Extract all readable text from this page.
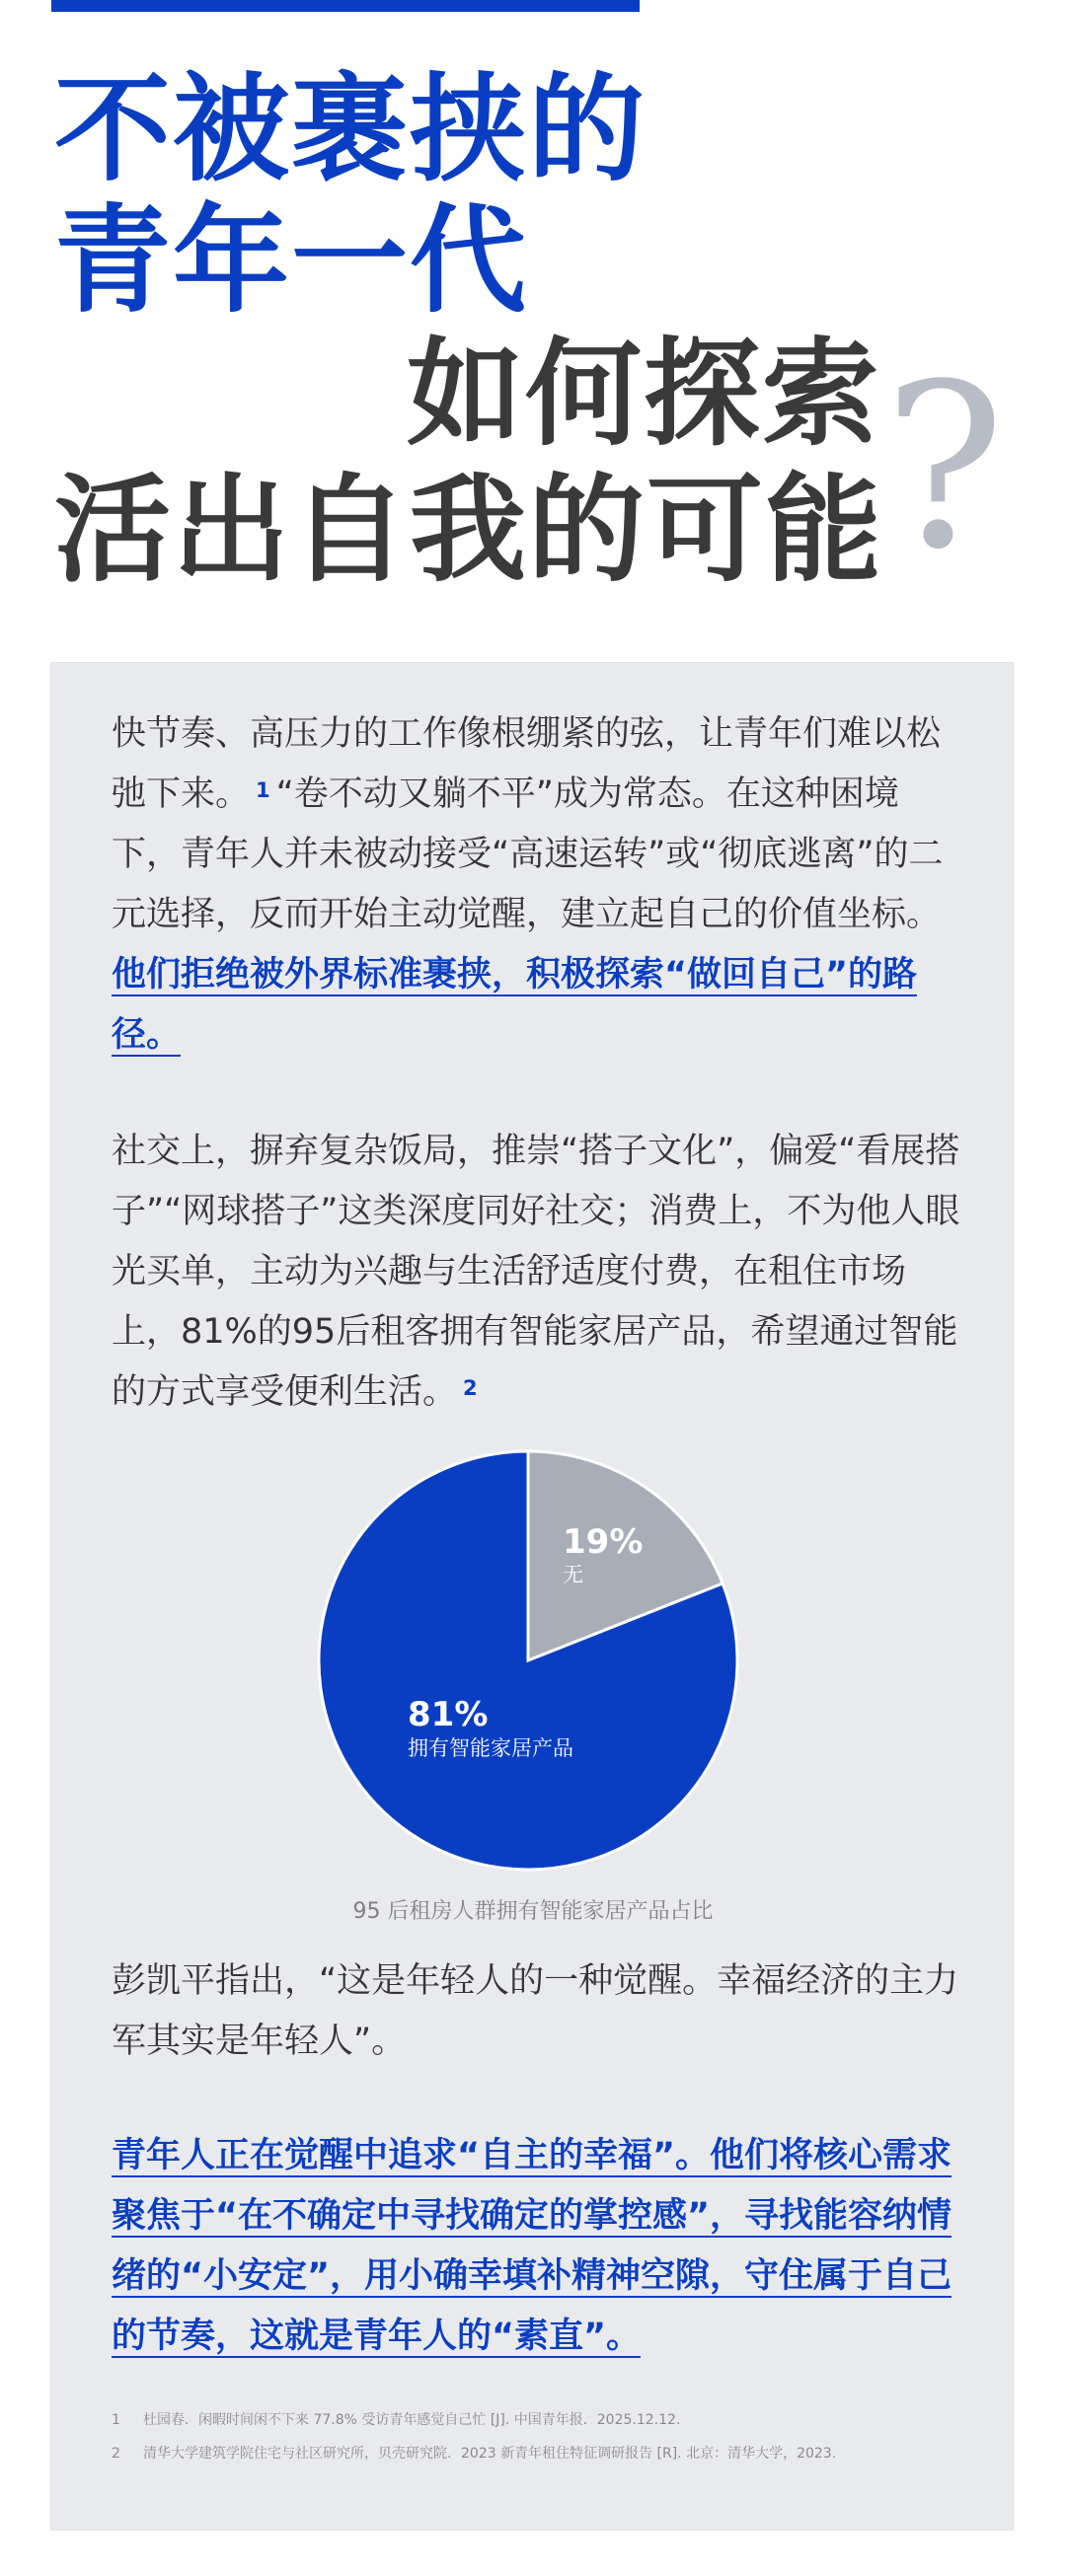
不被裹挟的
青年一代
如何探索
活出自我的可能 ?
快节奏、高压力的工作像根绷紧的弦，让青年们难以松弛下来。 $^1$ “卷不动又躺不平”成为常态。在这种困境下，青年人并未被动接受“高速运转”或“彻底逃离”的二元选择，反而开始主动觉醒，建立起自己的价值坐标。他们拒绝被外界标准裹挟，积极探索“做回自己”的路径。
社交上，摒弃复杂饭局，推崇“搭子文化”，偏爱“看展搭子”“网球搭子”这类深度同好社交；消费上，不为他人眼光买单，主动为兴趣与生活舒适度付费，在租住市场上，81%的95后租客拥有智能家居产品，希望通过智能的方式享受便利生活。 $^2$
19%
无
81%
拥有智能家居产品
95 后租房人群拥有智能家居产品占比
彭凯平指出，“这是年轻人的一种觉醒。幸福经济的主力军其实是年轻人”。
青年人正在觉醒中追求“自主的幸福”。他们将核心需求聚焦于“在不确定中寻找确定的掌控感”，寻找能容纳情绪的“小安定”，用小确幸填补精神空隙，守住属于自己的节奏，这就是青年人的“素直”。
1 杜园春．闲暇时间闲不下来 77.8% 受访青年感觉自己忙 [J]. 中国青年报．2025.12.12.
2 清华大学建筑学院住宅与社区研究所，贝壳研究院．2023 新青年租住特征调研报告 [R]. 北京：清华大学，2023.
